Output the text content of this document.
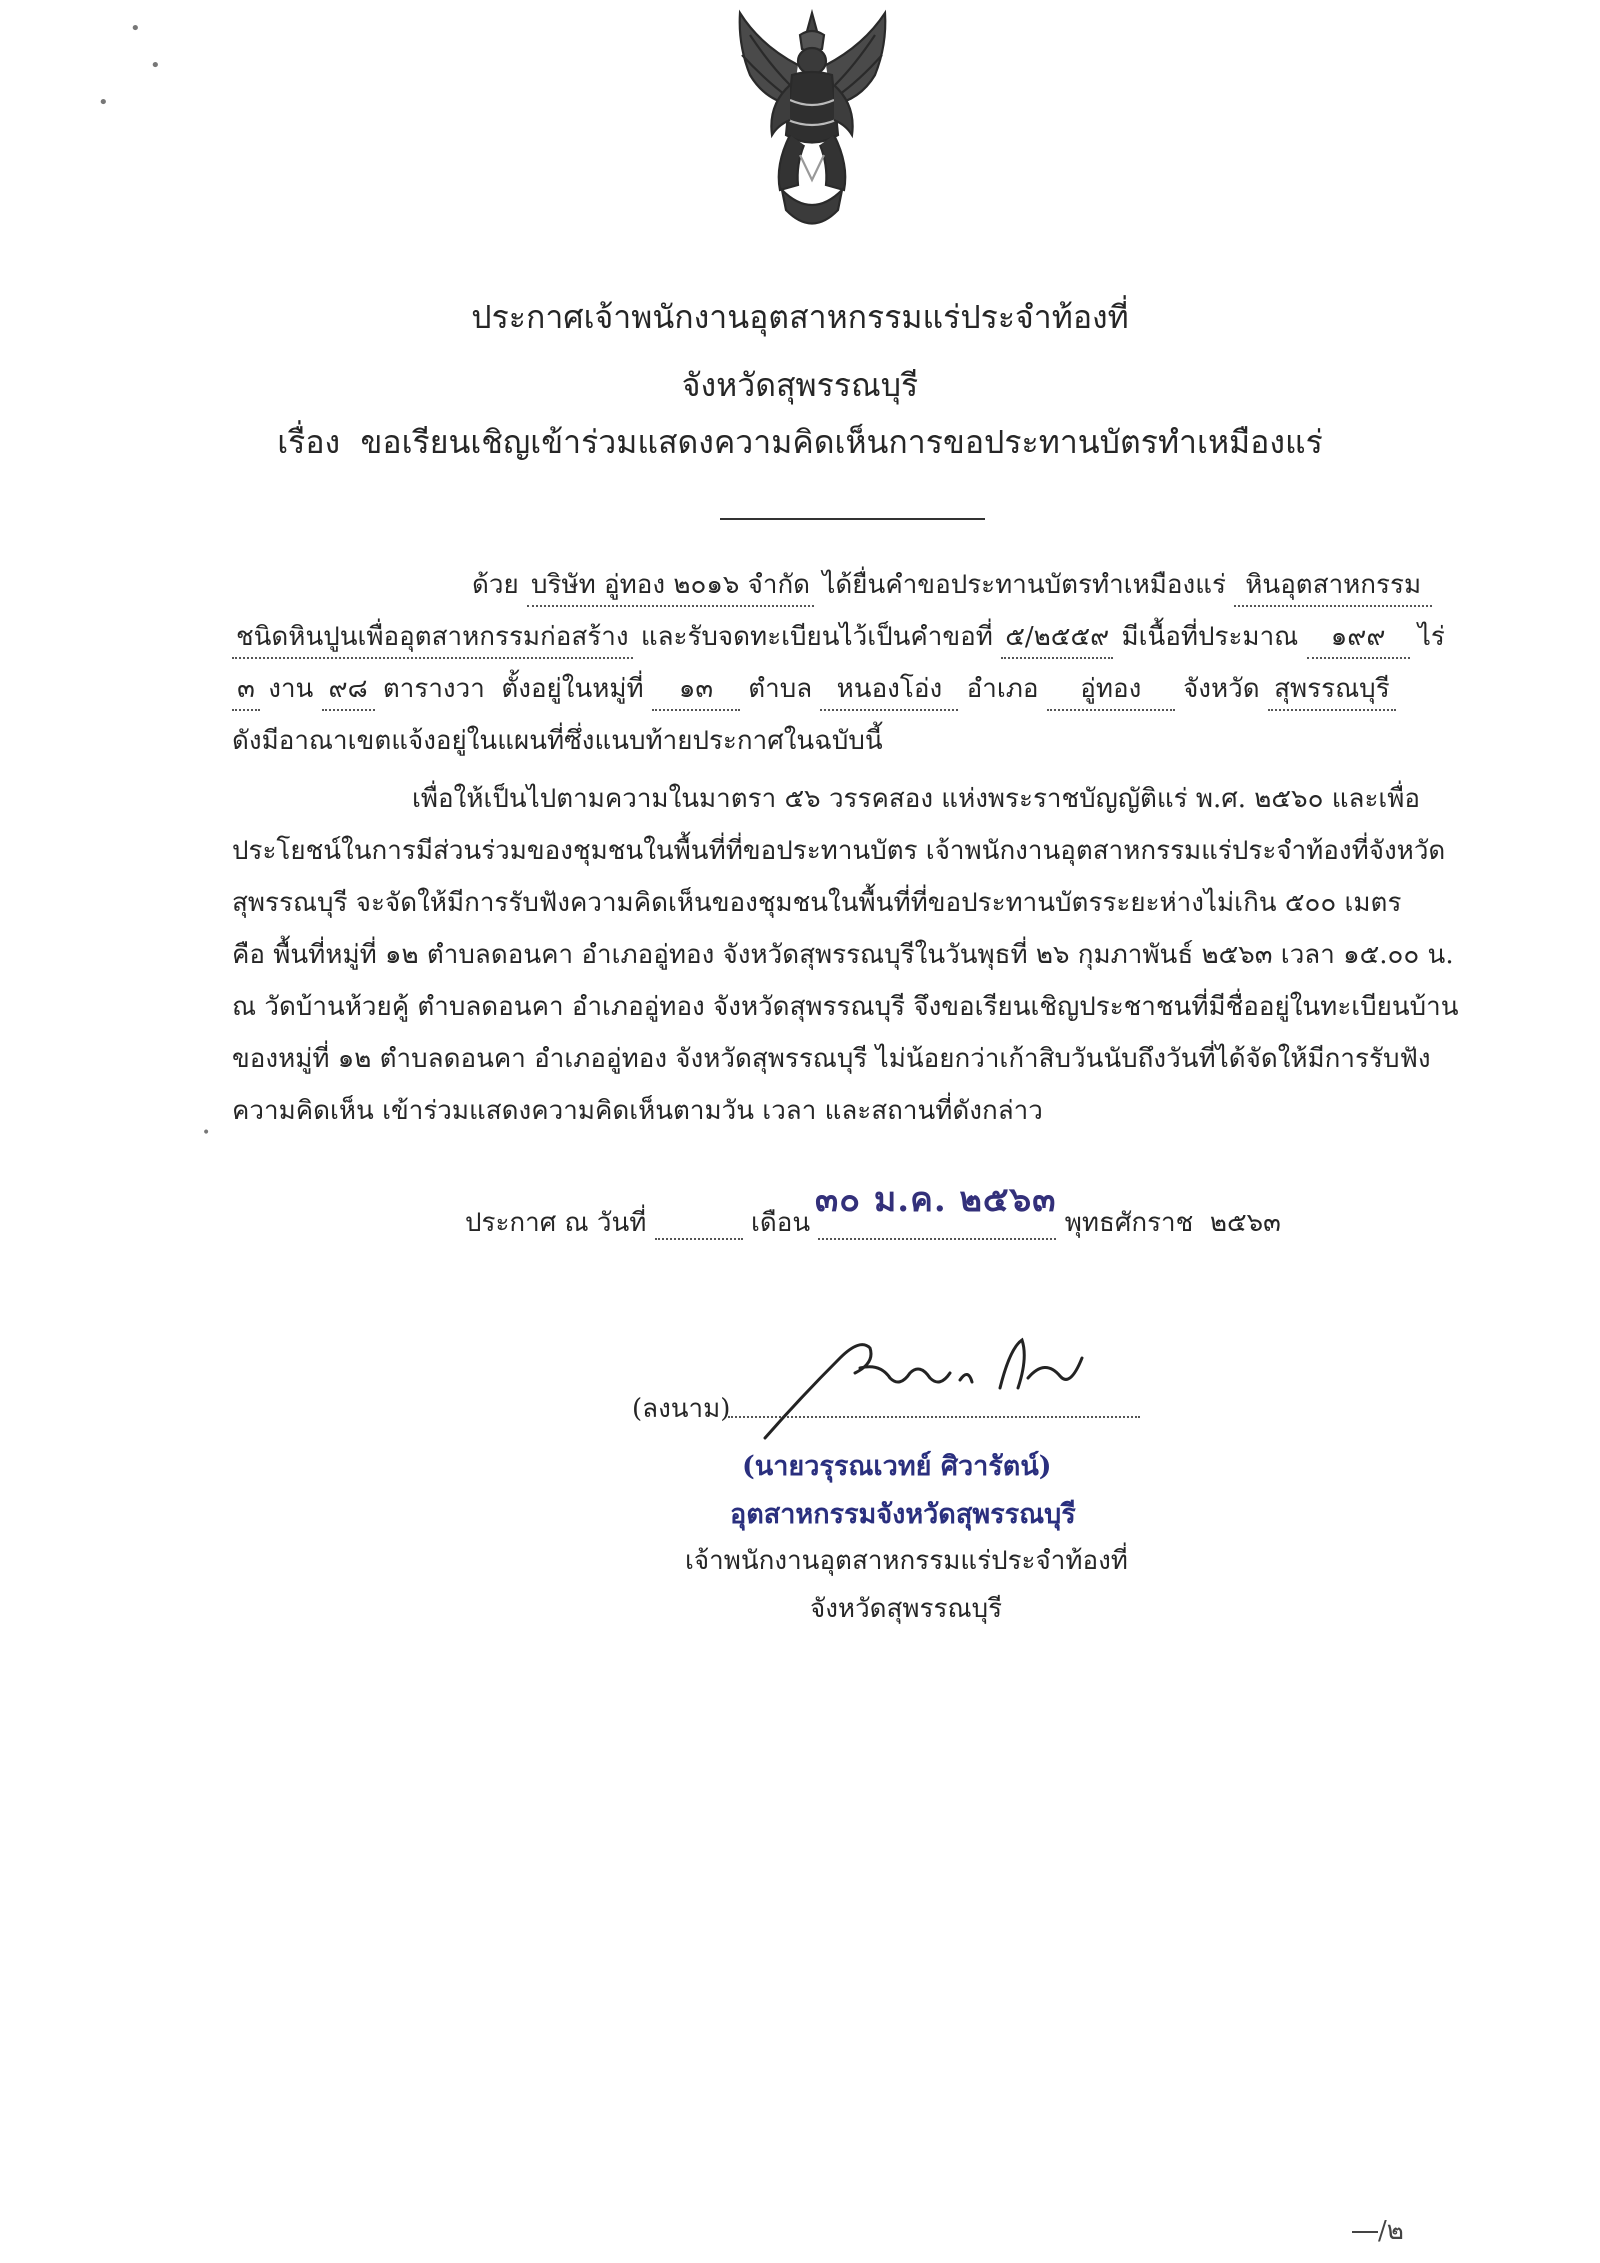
ประกาศเจ้าพนักงานอุตสาหกรรมแร่ประจำท้องที่
จังหวัดสุพรรณบุรี
เรื่อง ขอเรียนเชิญเข้าร่วมแสดงความคิดเห็นการขอประทานบัตรทำเหมืองแร่
ด้วย บริษัท อู่ทอง ๒๐๑๖ จำกัด ได้ยื่นคำขอประทานบัตรทำเหมืองแร่ หินอุตสาหกรรม
ชนิดหินปูนเพื่ออุตสาหกรรมก่อสร้าง และรับจดทะเบียนไว้เป็นคำขอที่ ๕/๒๕๕๙ มีเนื้อที่ประมาณ ๑๙๙ ไร่
๓ งาน ๙๘ ตารางวา ตั้งอยู่ในหมู่ที่ ๑๓ ตำบล หนองโอ่ง อำเภอ อู่ทอง จังหวัด สุพรรณบุรี
ดังมีอาณาเขตแจ้งอยู่ในแผนที่ซึ่งแนบท้ายประกาศในฉบับนี้
เพื่อให้เป็นไปตามความในมาตรา ๕๖ วรรคสอง แห่งพระราชบัญญัติแร่ พ.ศ. ๒๕๖๐ และเพื่อ
ประโยชน์ในการมีส่วนร่วมของชุมชนในพื้นที่ที่ขอประทานบัตร เจ้าพนักงานอุตสาหกรรมแร่ประจำท้องที่จังหวัด
สุพรรณบุรี จะจัดให้มีการรับฟังความคิดเห็นของชุมชนในพื้นที่ที่ขอประทานบัตรระยะห่างไม่เกิน ๕๐๐ เมตร
คือ พื้นที่หมู่ที่ ๑๒ ตำบลดอนคา อำเภออู่ทอง จังหวัดสุพรรณบุรีในวันพุธที่ ๒๖ กุมภาพันธ์ ๒๕๖๓ เวลา ๑๕.๐๐ น.
ณ วัดบ้านห้วยคู้ ตำบลดอนคา อำเภออู่ทอง จังหวัดสุพรรณบุรี จึงขอเรียนเชิญประชาชนที่มีชื่ออยู่ในทะเบียนบ้าน
ของหมู่ที่ ๑๒ ตำบลดอนคา อำเภออู่ทอง จังหวัดสุพรรณบุรี ไม่น้อยกว่าเก้าสิบวันนับถึงวันที่ได้จัดให้มีการรับฟัง
ความคิดเห็น เข้าร่วมแสดงความคิดเห็นตามวัน เวลา และสถานที่ดังกล่าว
ประกาศ ณ วันที่	เดือน	พุทธศักราช ๒๕๖๓
๓๐ ม.ค. ๒๕๖๓
(ลงนาม)
(นายวรุรณเวทย์ ศิวารัตน์)
อุตสาหกรรมจังหวัดสุพรรณบุรี
เจ้าพนักงานอุตสาหกรรมแร่ประจำท้องที่
จังหวัดสุพรรณบุรี
/๒
•
•
•
•
